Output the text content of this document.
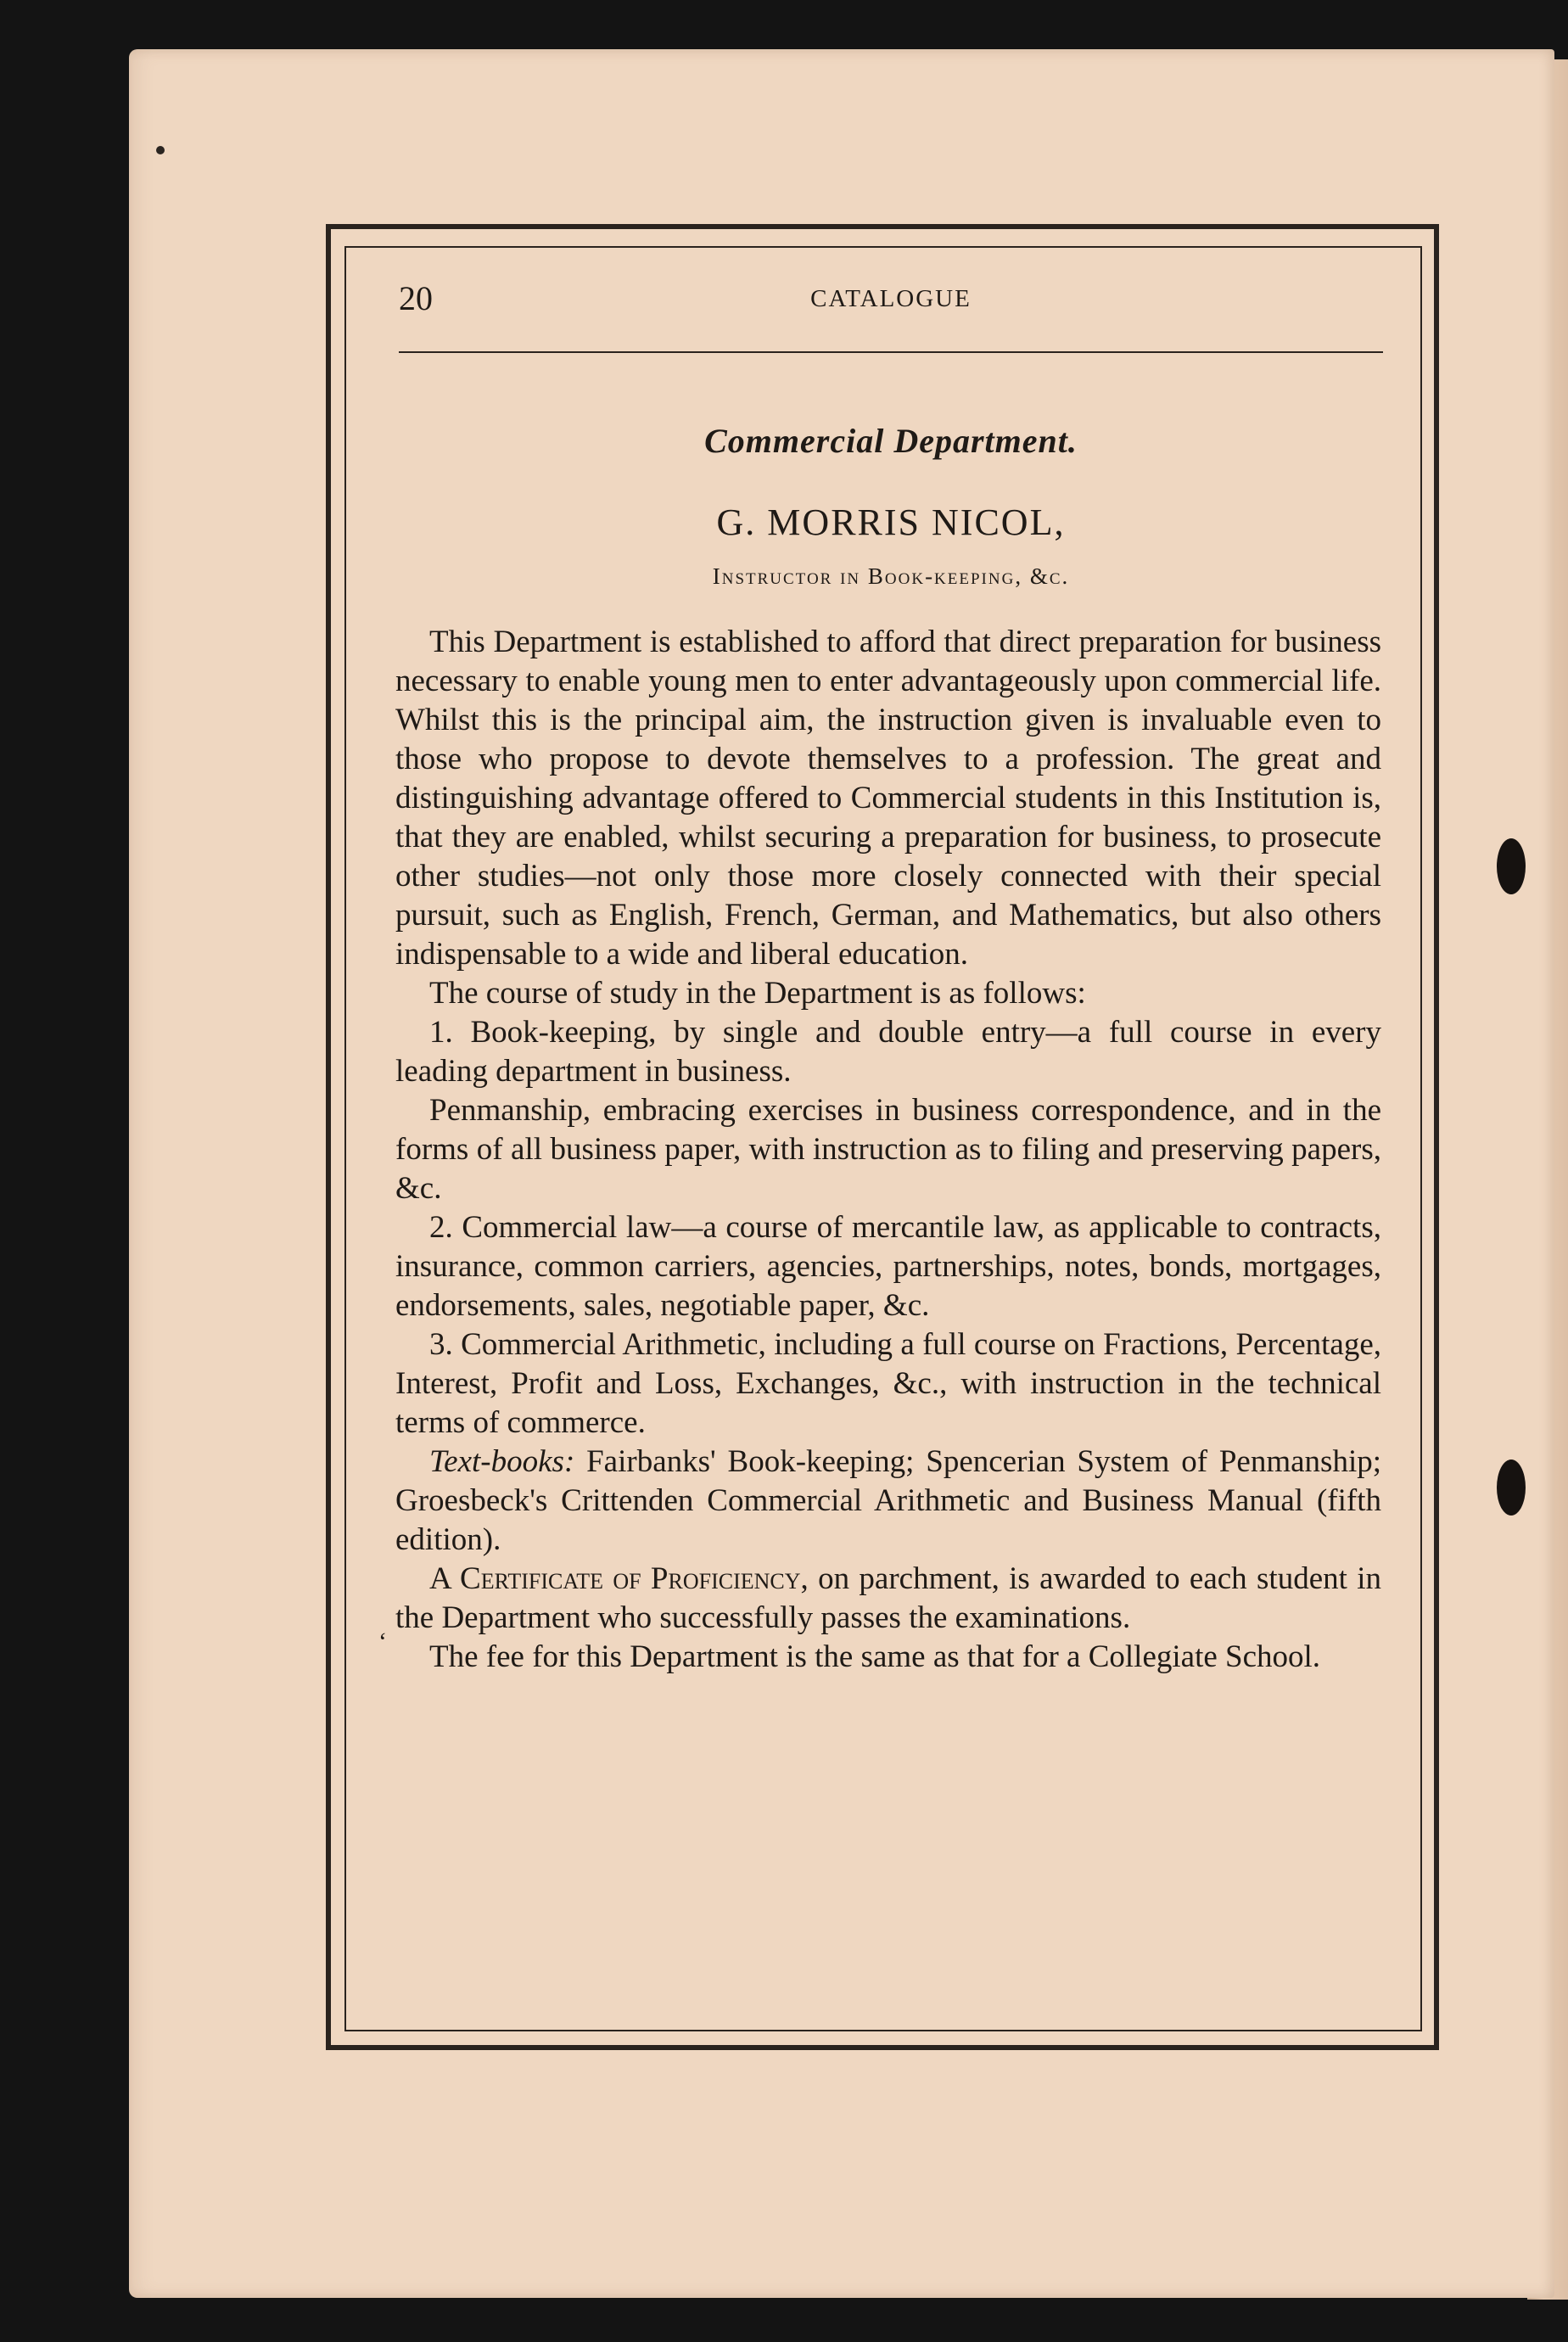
20	CATALOGUE
Commercial Department.
G. MORRIS NICOL,
Instructor in Book-keeping, &c.

This Department is established to afford that direct preparation for business necessary to enable young men to enter advantageously upon commercial life. Whilst this is the principal aim, the instruction given is invaluable even to those who propose to devote themselves to a profession. The great and distinguishing advantage offered to Commercial students in this Institution is, that they are enabled, whilst securing a preparation for business, to prosecute other studies—not only those more closely connected with their special pursuit, such as English, French, German, and Mathematics, but also others indispensable to a wide and liberal education.

The course of study in the Department is as follows:

1. Book-keeping, by single and double entry—a full course in every leading department in business.

Penmanship, embracing exercises in business correspondence, and in the forms of all business paper, with instruction as to filing and preserving papers, &c.

2. Commercial law—a course of mercantile law, as applicable to contracts, insurance, common carriers, agencies, partnerships, notes, bonds, mortgages, endorsements, sales, negotiable paper, &c.

3. Commercial Arithmetic, including a full course on Fractions, Percentage, Interest, Profit and Loss, Exchanges, &c., with instruction in the technical terms of commerce.

Text-books: Fairbanks' Book-keeping; Spencerian System of Penmanship; Groesbeck's Crittenden Commercial Arithmetic and Business Manual (fifth edition).

A Certificate of Proficiency, on parchment, is awarded to each student in the Department who successfully passes the examinations.

The fee for this Department is the same as that for a Collegiate School.

‘
